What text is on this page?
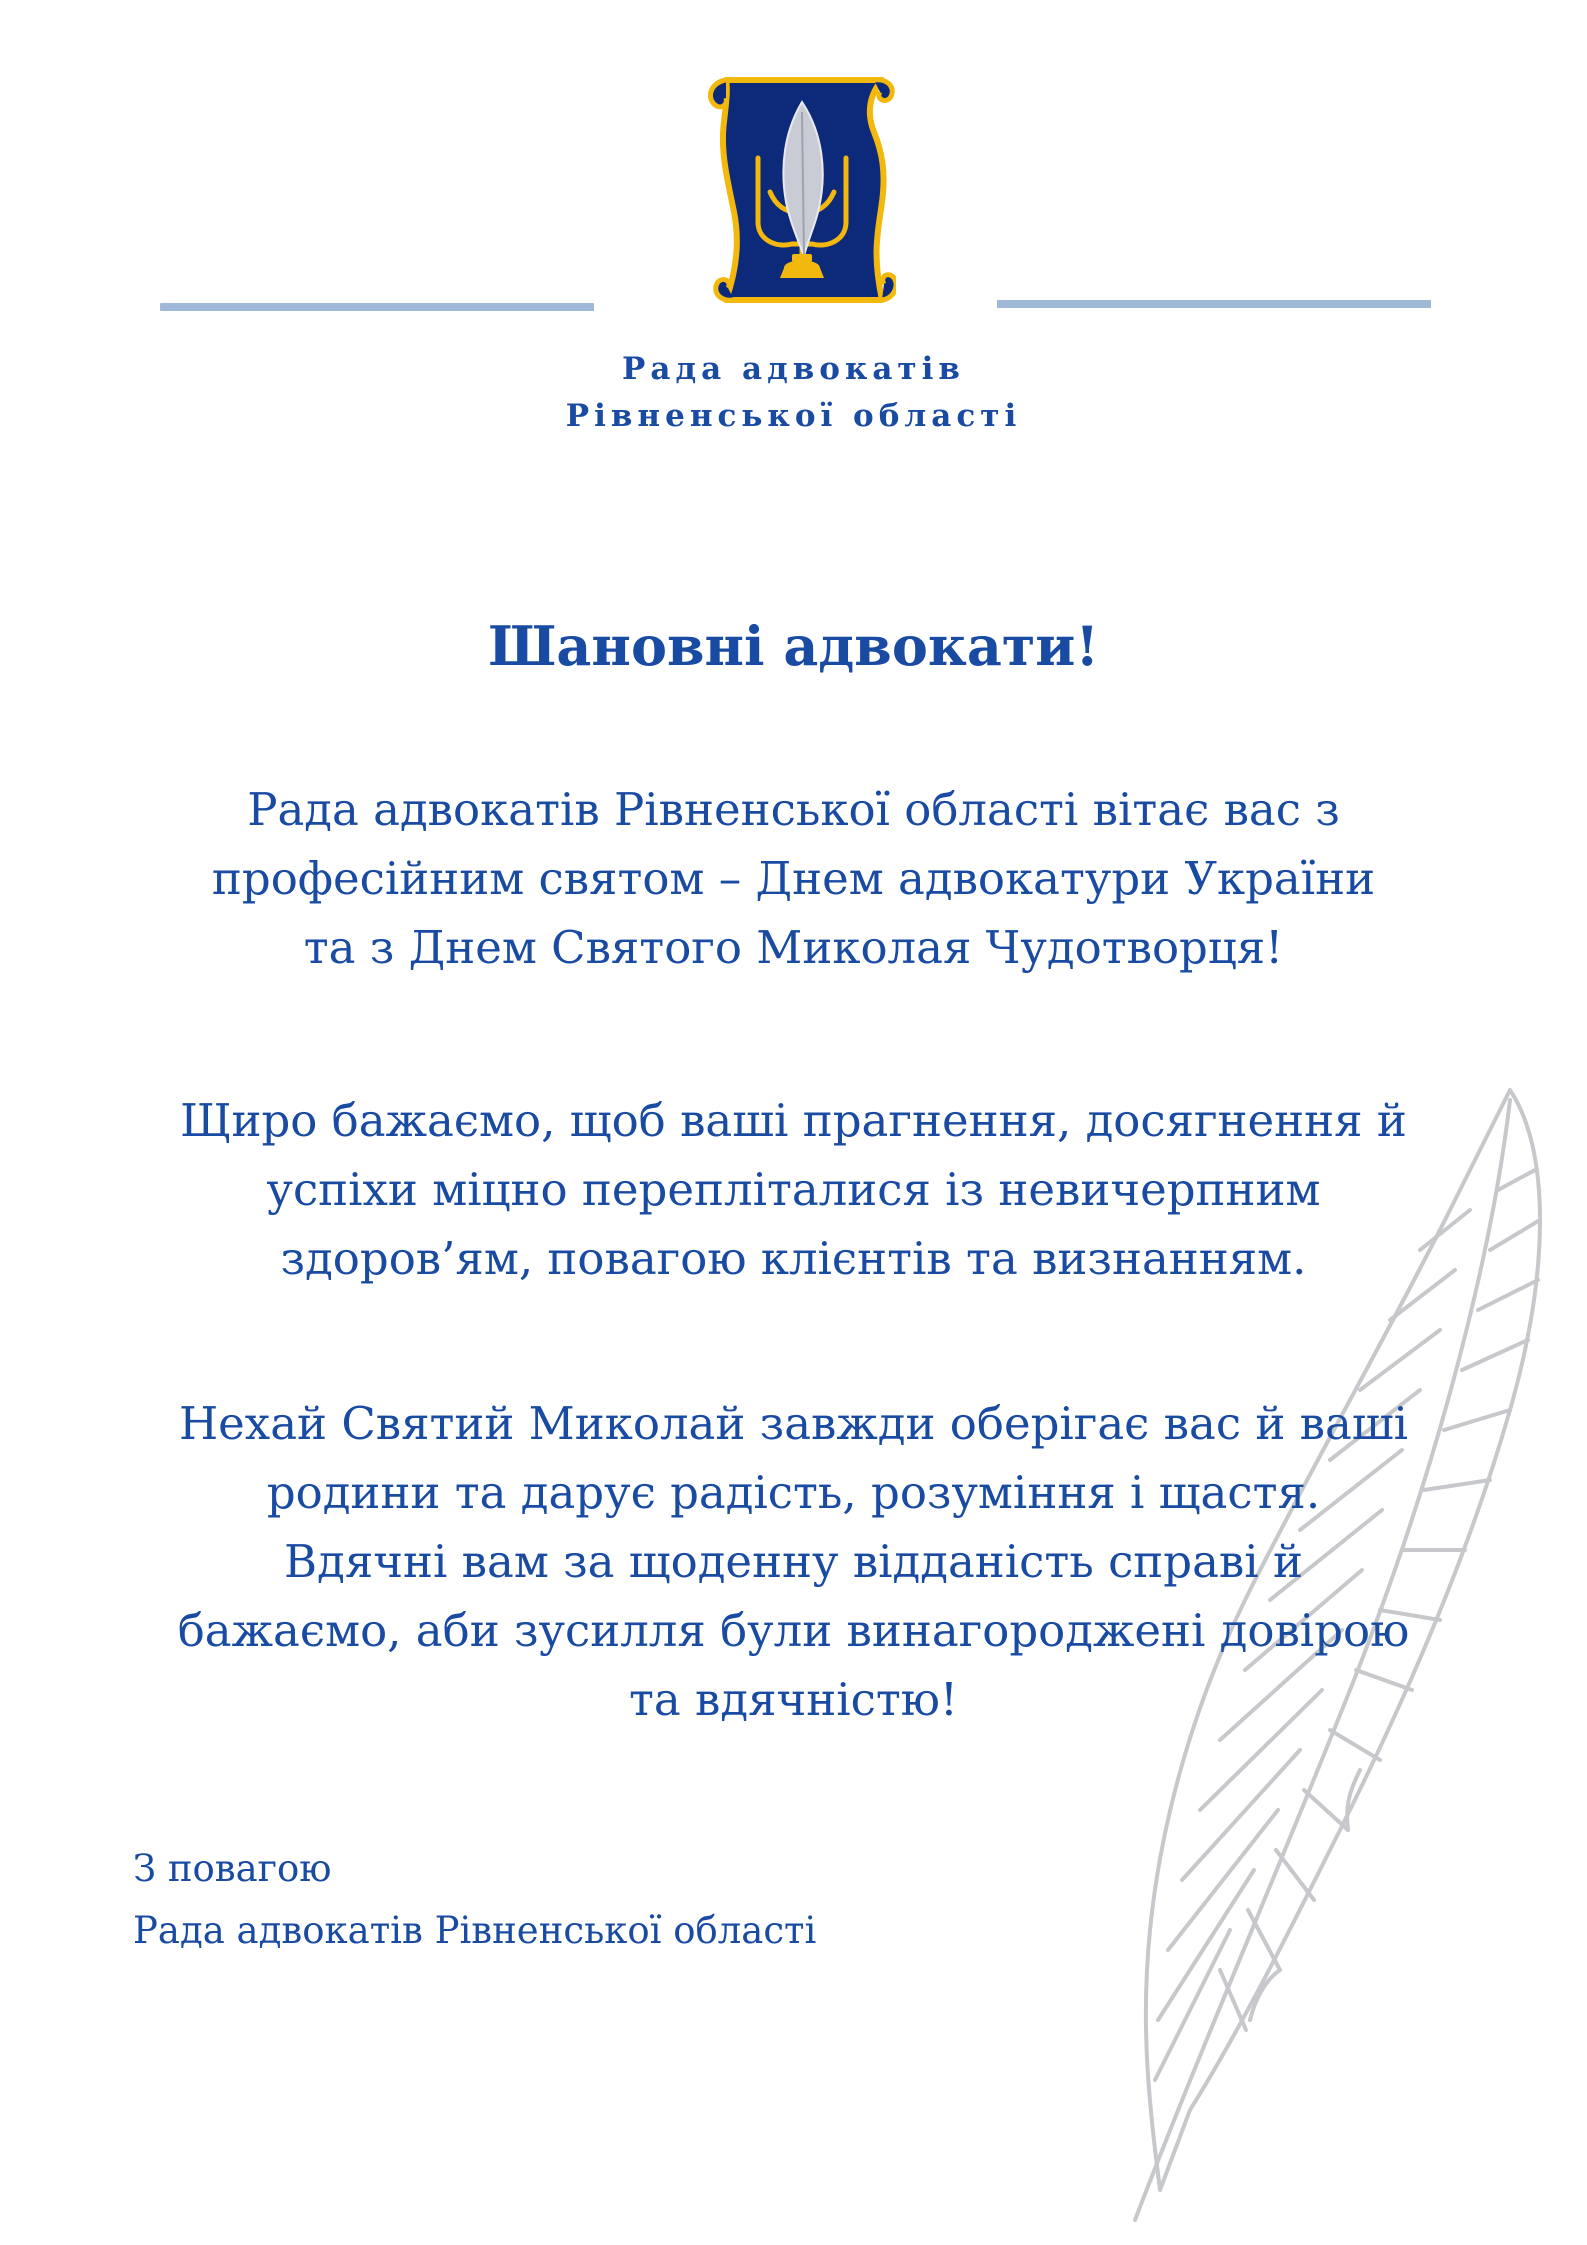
Рада адвокатів
Рівненської області
Шановні адвокати!
Рада адвокатів Рівненської області вітає вас з
професійним святом – Днем адвокатури України
та з Днем Святого Миколая Чудотворця!
Щиро бажаємо, щоб ваші прагнення, досягнення й
успіхи міцно перепліталися із невичерпним
здоров’ям, повагою клієнтів та визнанням.
Нехай Святий Миколай завжди оберігає вас й ваші
родини та дарує радість, розуміння і щастя.
Вдячні вам за щоденну відданість справі й
бажаємо, аби зусилля були винагороджені довірою
та вдячністю!
З повагою
Рада адвокатів Рівненської області
